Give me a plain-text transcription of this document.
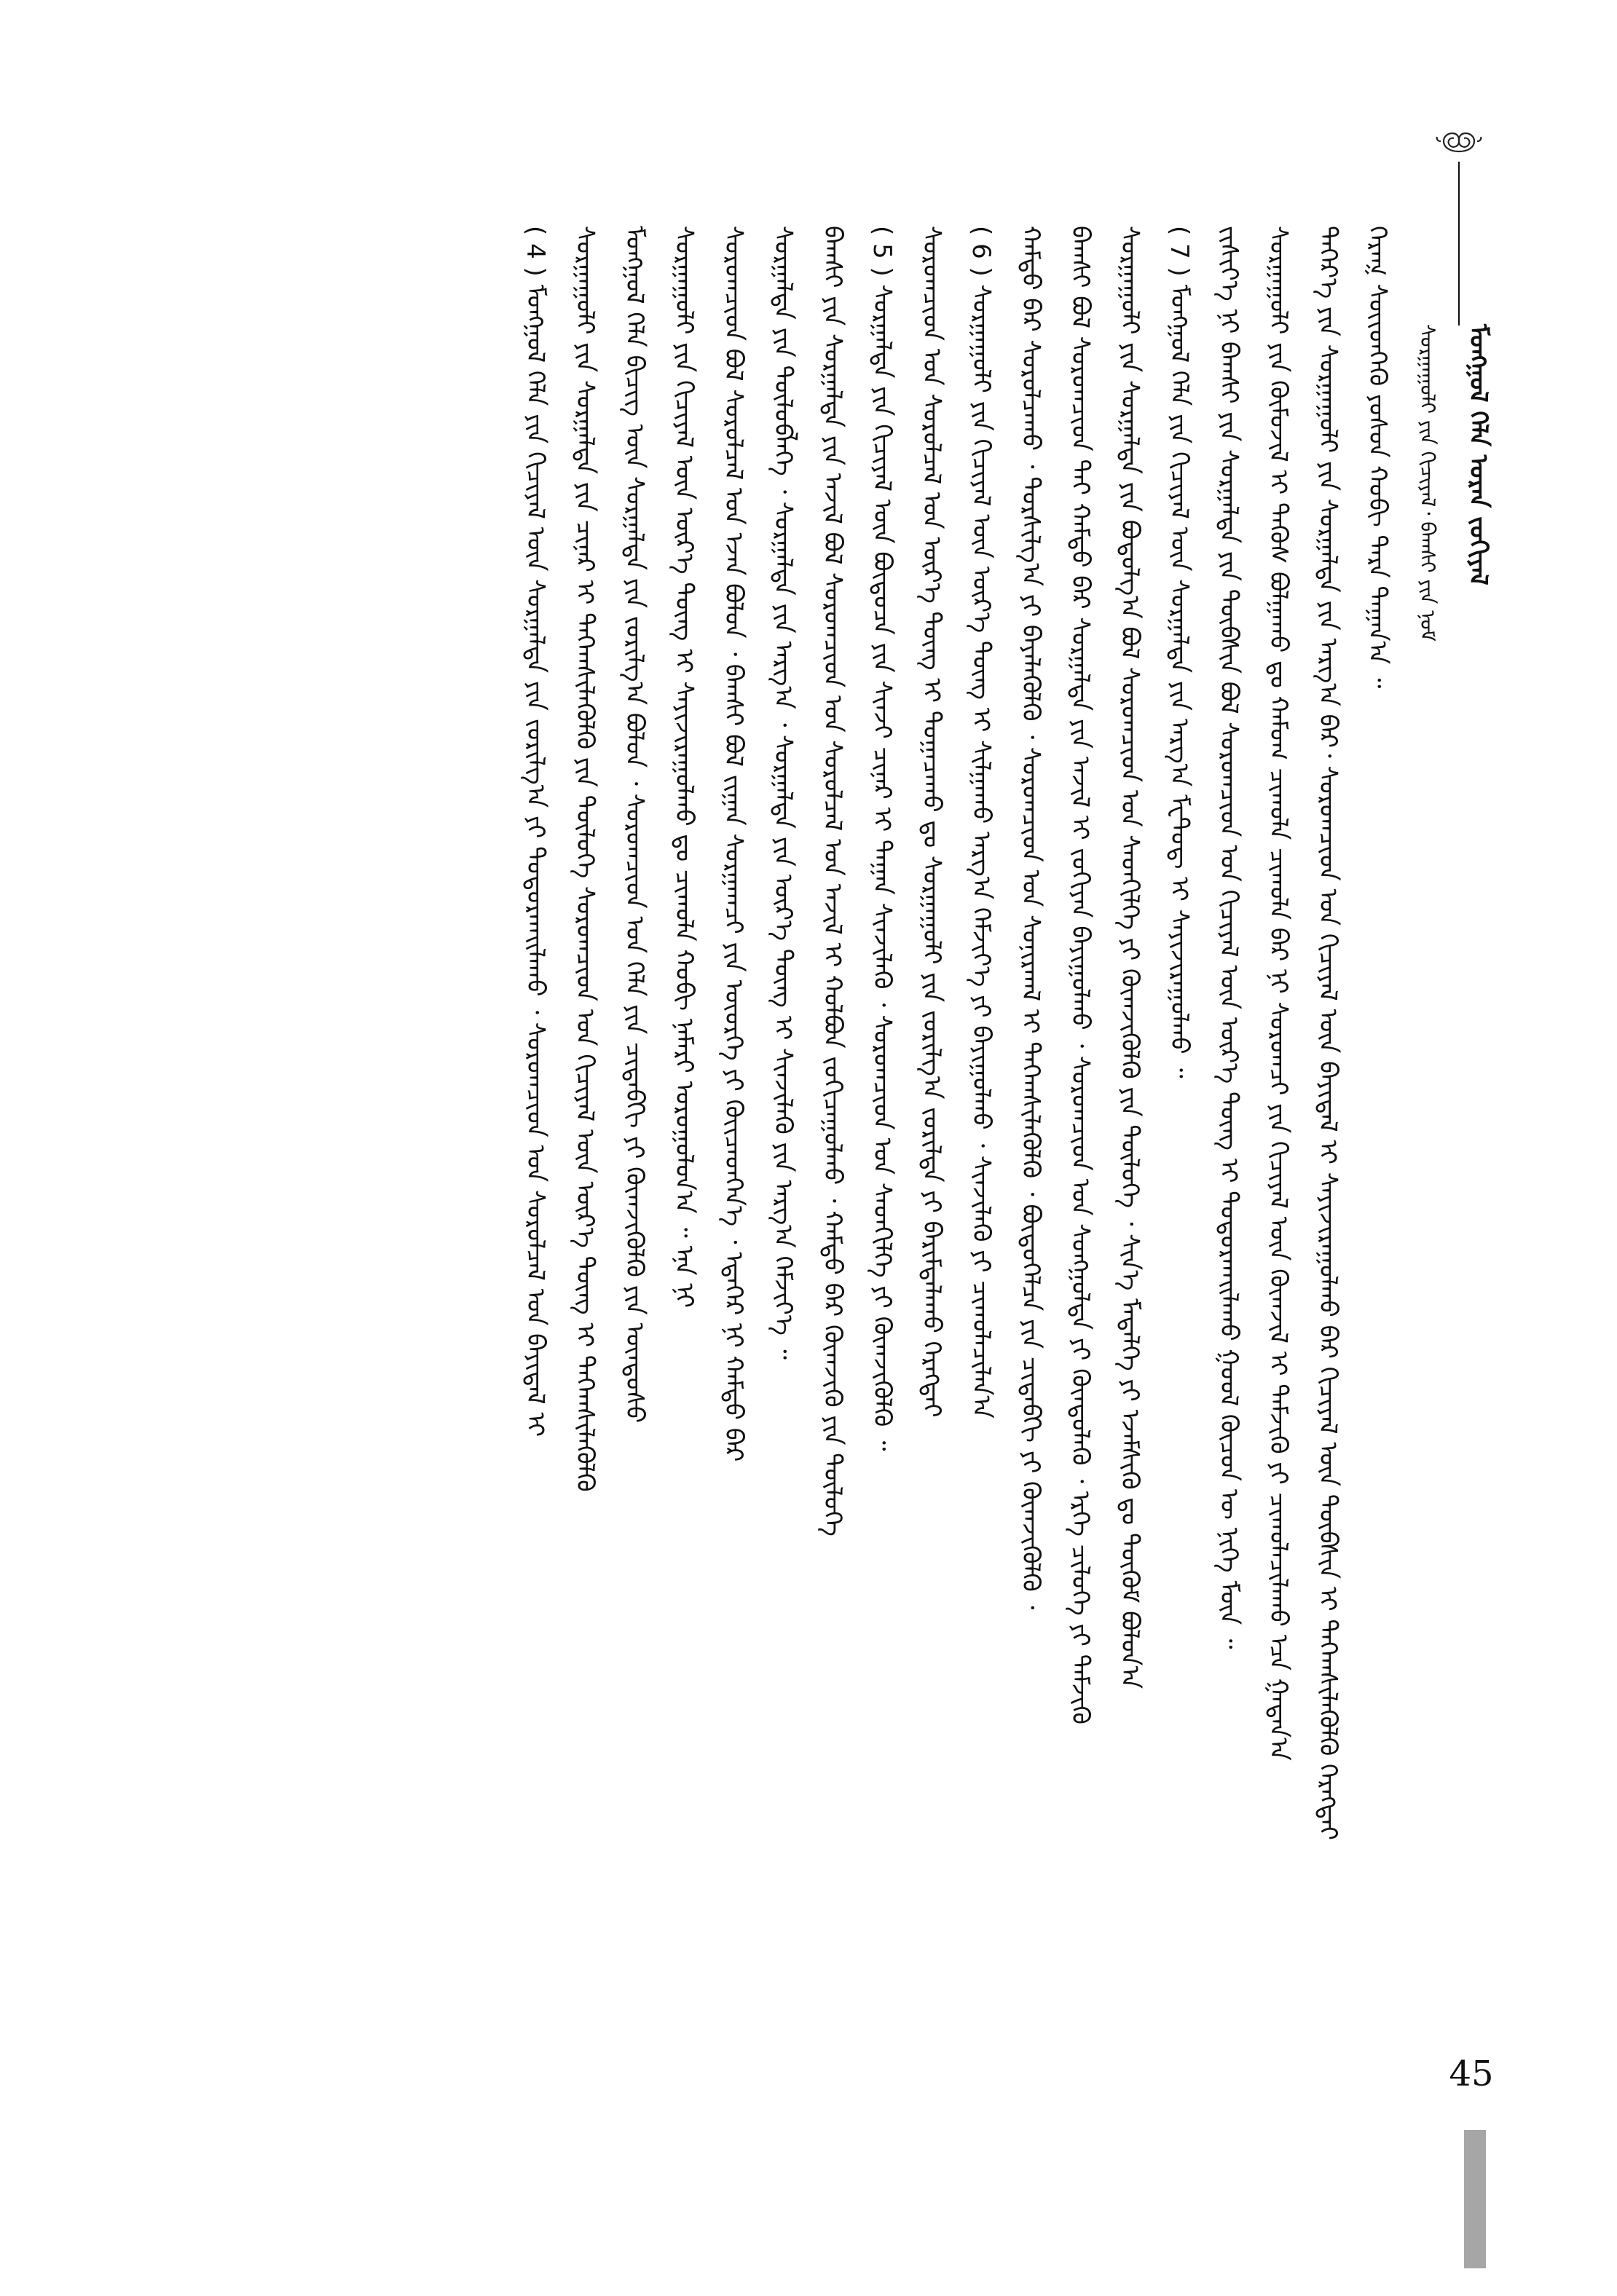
ᠰᠤᠷᠭᠠᠭᠤᠯᠢ ᠶᠢᠨ ᠬᠢᠴᠢᠶᠡᠯ᠂ ᠪᠠᠭᠰᠢ ᠶᠢᠨ ᠨᠣᠮ ᠮᠣᠩᠭᠣᠯ ᠬᠡᠯᠡ ᠤᠷᠠᠨ ᠵᠣᠬᠢᠶᠠᠯ
ᠬᠡᠷᠡᠭ᠍ ᠰᠦᠢᠳᠬᠡᠬᠦ ᠶᠣᠰᠣᠨ ᠬᠤᠪᠢ ᠲᠡᠷᠡ ᠳᠠᠭᠠᠨ᠎ᠠ ᠃
ᠳᠡᠭᠡᠷ᠎ᠡ ᠶᠢᠨ ᠰᠤᠷᠭᠠᠭᠤᠯᠢ ᠶᠢᠨ ᠰᠤᠷᠭᠠᠯᠲᠠ ᠶᠢᠨ ᠠᠷᠭ᠎ᠠ ᠪᠠᠷ᠂ ᠰᠤᠷᠤᠭᠴᠢᠳ ᠤᠨ ᠬᠢᠴᠢᠶᠡᠯ ᠦᠨ ᠪᠠᠶᠢᠳᠠᠯ ᠢ ᠰᠠᠶᠢᠵᠢᠷᠠᠭᠤᠯᠬᠤ ᠪᠠᠷ ᠬᠢᠴᠢᠶᠡᠯ ᠦᠨ ᠲᠦᠪᠰᠢᠨ ᠢ ᠳᠡᠭᠡᠭ᠍ᠰᠢᠯᠡᠭᠦᠯᠬᠦ ᠬᠡᠷᠡᠭᠲᠡᠢ
ᠰᠤᠷᠭᠠᠭᠤᠯᠢ ᠶᠢᠨ ᠬᠦᠮᠦᠵᠢᠯ ᠢ ᠲᠡᠭᠦᠰ ᠪᠤᠯᠭᠠᠬᠤ ᠳᠤ ᠬᠠᠮᠤᠭ ᠴᠢᠬᠤᠯᠠ ᠴᠢᠬᠤᠯᠠ ᠪᠡᠷ ᠨᠢ ᠰᠤᠷᠤᠭᠴᠢ ᠶᠢᠨ ᠬᠢᠴᠢᠶᠡᠯ ᠦᠨ ᠬᠥᠭ᠍ᠵᠢᠯ ᠢ ᠳᠡᠮᠵᠢᠬᠦ ᠶᠢ ᠴᠢᠬᠤᠯᠠᠴᠢᠯᠠᠬᠤ ᠡᠴᠡ ᠭᠠᠳᠠᠨ᠎ᠠ
ᠵᠢᠱᠢᠶ᠎ᠡ ᠨᠢ ᠪᠠᠭᠰᠢ ᠶᠢᠨ ᠰᠤᠷᠭᠠᠯᠲᠠ ᠶᠢᠨ ᠲᠦᠪᠰᠢᠨ ᠪᠣᠯ ᠰᠤᠷᠤᠭᠴᠢᠳ ᠤᠨ ᠬᠢᠴᠢᠶᠡᠯ ᠦᠨ ᠦᠷ᠎ᠡ ᠳᠦᠩ ᠢ ᠲᠣᠳᠣᠷᠬᠠᠢᠯᠠᠬᠤ ᠭᠣᠣᠯ ᠬᠦᠴᠦᠨ ᠦ ᠨᠢᠭᠡ ᠮᠥᠨ ᠃
( 7 ) ᠮᠣᠩᠭᠣᠯ ᠬᠡᠯᠡ ᠶᠢᠨ ᠬᠢᠴᠢᠶᠡᠯ ᠦᠨ ᠰᠤᠷᠭᠠᠯᠲᠠ ᠶᠢᠨ ᠠᠷᠭ᠎ᠠ ᠮᠸᠲ᠋ᠣᠳ᠋ ᠢ ᠰᠠᠶᠢᠵᠢᠷᠠᠭᠤᠯᠬᠤ ᠃
ᠰᠤᠷᠭᠠᠭᠤᠯᠢ ᠶᠢᠨ ᠰᠤᠷᠭᠠᠯᠲᠠ ᠶᠢᠨ ᠪᠣᠳᠣᠯᠭ᠎ᠠ ᠪᠣᠯ ᠰᠤᠷᠤᠭᠴᠢᠳ ᠤᠨ ᠰᠡᠳᠬᠢᠯᠭᠡ ᠶᠢ ᠬᠥᠭ᠍ᠵᠢᠭᠦᠯᠬᠦ ᠶᠢᠨ ᠲᠥᠯᠥᠭᠡ ᠂ ᠰᠢᠨ᠎ᠡ ᠮᠡᠳᠡᠯᠭᠡ ᠶᠢ ᠡᠵᠡᠮᠰᠢᠬᠦ ᠳᠤ ᠳᠥᠭᠥᠮ ᠪᠣᠯᠤᠨ᠎ᠠ
ᠪᠠᠭᠰᠢ ᠪᠣᠯ ᠰᠤᠷᠤᠭᠴᠢᠳ ᠲᠠᠢ ᠬᠠᠮᠲᠤ ᠪᠡᠷ ᠰᠤᠷᠭᠠᠯᠲᠠ ᠶᠢᠨ ᠠᠵᠢᠯ ᠢ ᠵᠣᠬᠢᠶᠠᠨ ᠪᠠᠶᠢᠭᠤᠯᠬᠤ ᠂ ᠰᠤᠷᠤᠭᠴᠢᠳ ᠤᠨ ᠰᠣᠩᠭᠣᠯᠲᠠ ᠶᠢ ᠬᠦᠨᠳᠦᠯᠡᠬᠦ ᠂ ᠡᠷᠬᠡ ᠴᠢᠯᠦᠭᠡ ᠶᠢ ᠳᠡᠮᠵᠢᠬᠦ
ᠬᠠᠮᠲᠤ ᠪᠡᠷ ᠰᠤᠷᠤᠯᠴᠠᠬᠤ ᠂ ᠲᠤᠷᠰᠢᠯᠭ᠎ᠠ ᠶᠢ ᠪᠡᠶᠡᠯᠡᠭᠦᠯᠬᠦ ᠂ ᠰᠤᠷᠤᠭᠴᠢᠳ ᠤᠨ ᠰᠣᠨᠢᠷᠬᠠᠯ ᠢ ᠳᠡᠭᠡᠭ᠍ᠰᠢᠯᠡᠭᠦᠯᠬᠦ ᠂ ᠪᠦᠲᠦᠭᠡᠯᠴᠡ ᠶᠢᠨ ᠴᠢᠳᠠᠪᠬᠢ ᠶᠢ ᠬᠥᠭ᠍ᠵᠢᠭᠦᠯᠬᠦ ᠂
( 6 ) ᠰᠤᠷᠭᠠᠭᠤᠯᠢ ᠶᠢᠨ ᠬᠢᠴᠢᠶᠡᠯ ᠦᠨ ᠦᠷ᠎ᠡ ᠳᠦᠩ ᠢ ᠰᠢᠯᠭᠠᠬᠤ ᠠᠷᠭ᠎ᠠ ᠬᠡᠮᠵᠢᠶ᠎ᠡ ᠶᠢ ᠪᠠᠶᠢᠭᠤᠯᠬᠤ ᠂ ᠰᠢᠨᠵᠢᠯᠡᠬᠦ ᠶᠢ ᠴᠢᠬᠤᠯᠠᠴᠢᠯᠠᠨ᠎ᠠ
ᠰᠤᠷᠤᠭᠴᠢᠳ ᠤᠨ ᠰᠤᠷᠤᠯᠴᠠᠯ ᠤᠨ ᠦᠷ᠎ᠡ ᠳᠦᠩ ᠢ ᠲᠣᠭᠠᠴᠠᠬᠤ ᠳᠤ ᠰᠤᠷᠭᠠᠭᠤᠯᠢ ᠶᠢᠨ ᠵᠣᠷᠢᠯᠭ᠎ᠠ ᠵᠣᠷᠢᠯᠲᠠ ᠶᠢ ᠪᠠᠷᠢᠮᠲᠠᠯᠠᠬᠤ ᠬᠡᠷᠡᠭᠲᠡᠢ
( 5 ) ᠰᠤᠷᠭᠠᠯᠲᠠ ᠶᠢᠨ ᠬᠢᠴᠢᠶᠡᠯ ᠦᠨ ᠪᠦᠲᠦᠴᠡ ᠶᠢᠨ ᠰᠢᠨᠵᠢ ᠴᠢᠨᠠᠷ ᠢ ᠳᠠᠭᠠᠨ ᠰᠢᠨᠵᠢᠯᠡᠬᠦ ᠂ ᠰᠤᠷᠤᠭᠴᠢᠳ ᠤᠨ ᠰᠡᠳᠬᠢᠯᠭᠡ ᠶᠢ ᠬᠥᠭ᠍ᠵᠢᠭᠦᠯᠬᠦ ᠃
ᠪᠠᠭᠰᠢ ᠶᠢᠨ ᠰᠤᠷᠭᠠᠯᠲᠠ ᠶᠢᠨ ᠠᠵᠢᠯ ᠪᠣᠯ ᠰᠤᠷᠤᠭᠴᠢᠳ ᠤᠨ ᠰᠤᠷᠤᠯᠴᠠᠯ ᠤᠨ ᠠᠵᠢᠯ ᠢ ᠬᠣᠯᠪᠣᠨ ᠵᠣᠬᠢᠴᠠᠭᠤᠯᠬᠤ ᠂ ᠬᠠᠮᠲᠤ ᠪᠡᠷ ᠬᠥᠭ᠍ᠵᠢᠬᠦ ᠶᠢᠨ ᠲᠥᠯᠥᠭᠡ
ᠰᠤᠷᠭᠠᠯᠲᠠ ᠶᠢᠨ ᠲᠥᠯᠥᠪᠯᠡᠭᠡ ᠂ ᠰᠤᠷᠭᠠᠯᠲᠠ ᠶᠢᠨ ᠠᠷᠭ᠎ᠠ ᠂ ᠰᠤᠷᠭᠠᠯᠲᠠ ᠶᠢᠨ ᠦᠷ᠎ᠡ ᠳᠦᠩ ᠢ ᠰᠢᠨᠵᠢᠯᠡᠬᠦ ᠶᠢᠨ ᠠᠷᠭ᠎ᠠ ᠬᠡᠮᠵᠢᠶ᠎ᠡ ᠃
ᠰᠤᠷᠤᠭᠴᠢᠳ ᠪᠣᠯ ᠰᠤᠷᠤᠯᠴᠠᠯ ᠤᠨ ᠡᠵᠡᠨ ᠪᠣᠯᠤᠨ ᠂ ᠪᠠᠭᠰᠢ ᠪᠣᠯ ᠵᠢᠭᠠᠨ ᠰᠤᠷᠭᠠᠭᠴᠢ ᠶᠢᠨ ᠦᠦᠷᠭᠡ ᠶᠢ ᠭᠦᠢᠴᠡᠳᠭᠡᠨ᠎ᠡ ᠂ ᠡᠳᠡᠭᠡᠷ ᠨᠢ ᠬᠠᠮᠲᠤ ᠪᠡᠷ
ᠰᠤᠷᠭᠠᠭᠤᠯᠢ ᠶᠢᠨ ᠬᠢᠴᠢᠶᠡᠯ ᠦᠨ ᠦᠷ᠎ᠡ ᠳᠦᠩ ᠢ ᠰᠠᠶᠢᠵᠢᠷᠠᠭᠤᠯᠬᠤ ᠳᠤ ᠴᠢᠬᠤᠯᠠ ᠬᠤᠪᠢ ᠨᠡᠮᠡᠷᠢ ᠣᠷᠣᠭᠤᠯᠤᠨ᠎ᠠ ᠃ ᠡᠨᠡ ᠨᠢ
ᠮᠣᠩᠭᠣᠯ ᠬᠡᠯᠡ ᠪᠢᠴᠢᠭ ᠦᠨ ᠰᠤᠷᠭᠠᠯᠲᠠ ᠶᠢᠨ ᠵᠣᠷᠢᠯᠭ᠎ᠠ ᠪᠣᠯᠤᠨ ᠂ ᠰᠤᠷᠤᠭᠴᠢᠳ ᠤᠨ ᠬᠡᠯᠡ ᠶᠢᠨ ᠴᠢᠳᠠᠪᠬᠢ ᠶᠢ ᠬᠥᠭ᠍ᠵᠢᠭᠦᠯᠬᠦ ᠶᠢᠨ ᠦᠨᠳᠦᠰᠦ
ᠰᠤᠷᠭᠠᠭᠤᠯᠢ ᠶᠢᠨ ᠰᠤᠷᠭᠠᠯᠲᠠ ᠶᠢᠨ ᠴᠢᠨᠠᠷ ᠢ ᠳᠡᠭᠡᠭ᠍ᠰᠢᠯᠡᠭᠦᠯᠬᠦ ᠶᠢᠨ ᠲᠥᠯᠥᠭᠡ ᠰᠤᠷᠤᠭᠴᠢᠳ ᠤᠨ ᠬᠢᠴᠢᠶᠡᠯ ᠦᠨ ᠦᠷ᠎ᠡ ᠳᠦᠩ ᠢ ᠳᠡᠭᠡᠭ᠍ᠰᠢᠯᠡᠭᠦᠯᠬᠦ
( 4 ) ᠮᠣᠩᠭᠣᠯ ᠬᠡᠯᠡ ᠶᠢᠨ ᠬᠢᠴᠢᠶᠡᠯ ᠦᠨ ᠰᠤᠷᠭᠠᠯᠲᠠ ᠶᠢᠨ ᠵᠣᠷᠢᠯᠭ᠎ᠠ ᠶᠢ ᠲᠣᠳᠣᠷᠬᠠᠢᠯᠠᠬᠤ ᠂ ᠰᠤᠷᠤᠭᠴᠢᠳ ᠤᠨ ᠰᠤᠷᠤᠯᠴᠠᠯ ᠤᠨ ᠪᠠᠶᠢᠳᠠᠯ ᠢ
45
